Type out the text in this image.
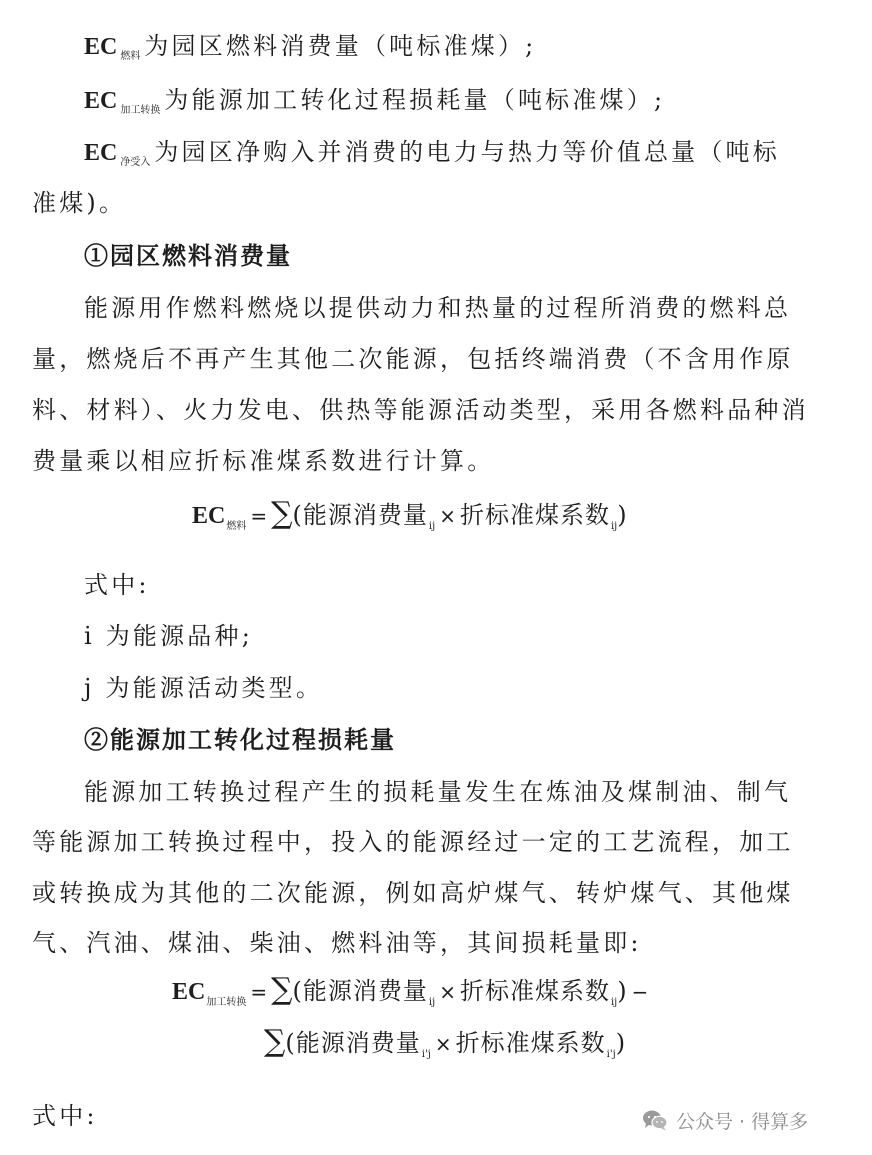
EC $_{燃料}$ 为园区燃料消费量（吨标准煤）;
EC $_{加工转换}$ 为能源加工转化过程损耗量（吨标准煤）;
EC $_{净受入}$ 为园区净购入并消费的电力与热力等价值总量（吨标
准煤)。
①园区燃料消费量
能源用作燃料燃烧以提供动力和热量的过程所消费的燃料总
量，燃烧后不再产生其他二次能源，包括终端消费（不含用作原
料、材料）、火力发电、供热等能源活动类型，采用各燃料品种消
费量乘以相应折标准煤系数进行计算。
$EC_{燃料}$ = ∑(能源消费量$_{ij}$ × 折标准煤系数$_{ij}$)
式中:
i 为能源品种;
j 为能源活动类型。
②能源加工转化过程损耗量
能源加工转换过程产生的损耗量发生在炼油及煤制油、制气
等能源加工转换过程中，投入的能源经过一定的工艺流程，加工
或转换成为其他的二次能源，例如高炉煤气、转炉煤气、其他煤
气、汽油、煤油、柴油、燃料油等，其间损耗量即:
$EC_{加工转换}$ = ∑(能源消费量$_{ij}$ × 折标准煤系数$_{ij}$) −
∑(能源消费量$_{i'j}$ × 折标准煤系数$_{i'j}$)
式中:	公众号 · 得算多
